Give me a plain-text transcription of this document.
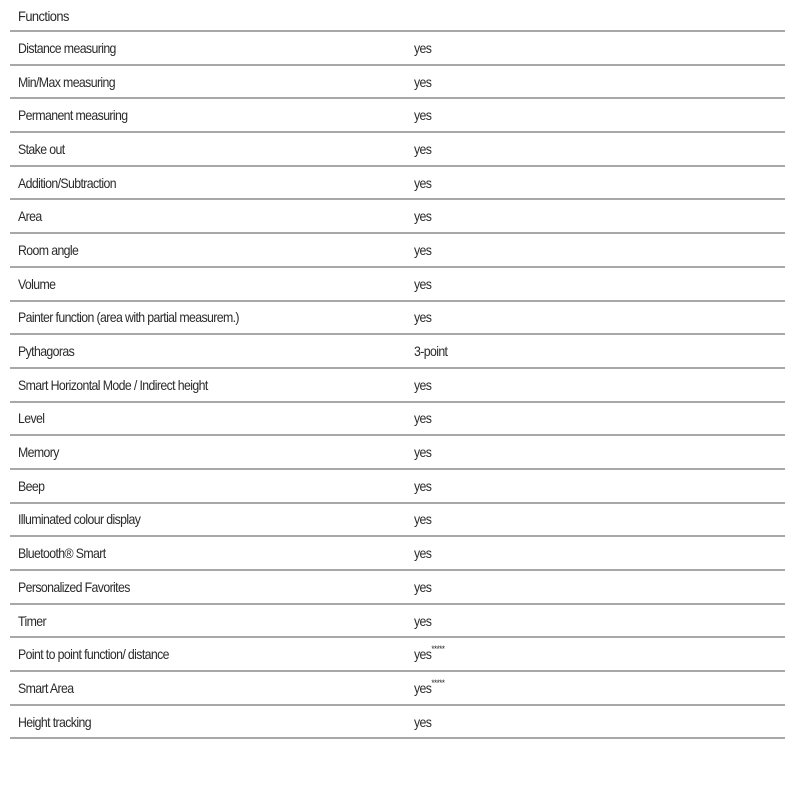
Functions
Distance measuring	yes
Min/Max measuring	yes
Permanent measuring	yes
Stake out	yes
Addition/Subtraction	yes
Area	yes
Room angle	yes
Volume	yes
Painter function (area with partial measurem.)	yes
Pythagoras	3-point
Smart Horizontal Mode / Indirect height	yes
Level	yes
Memory	yes
Beep	yes
Illuminated colour display	yes
Bluetooth® Smart	yes
Personalized Favorites	yes
Timer	yes
Point to point function/ distance	yes *****
Smart Area	yes *****
Height tracking	yes
